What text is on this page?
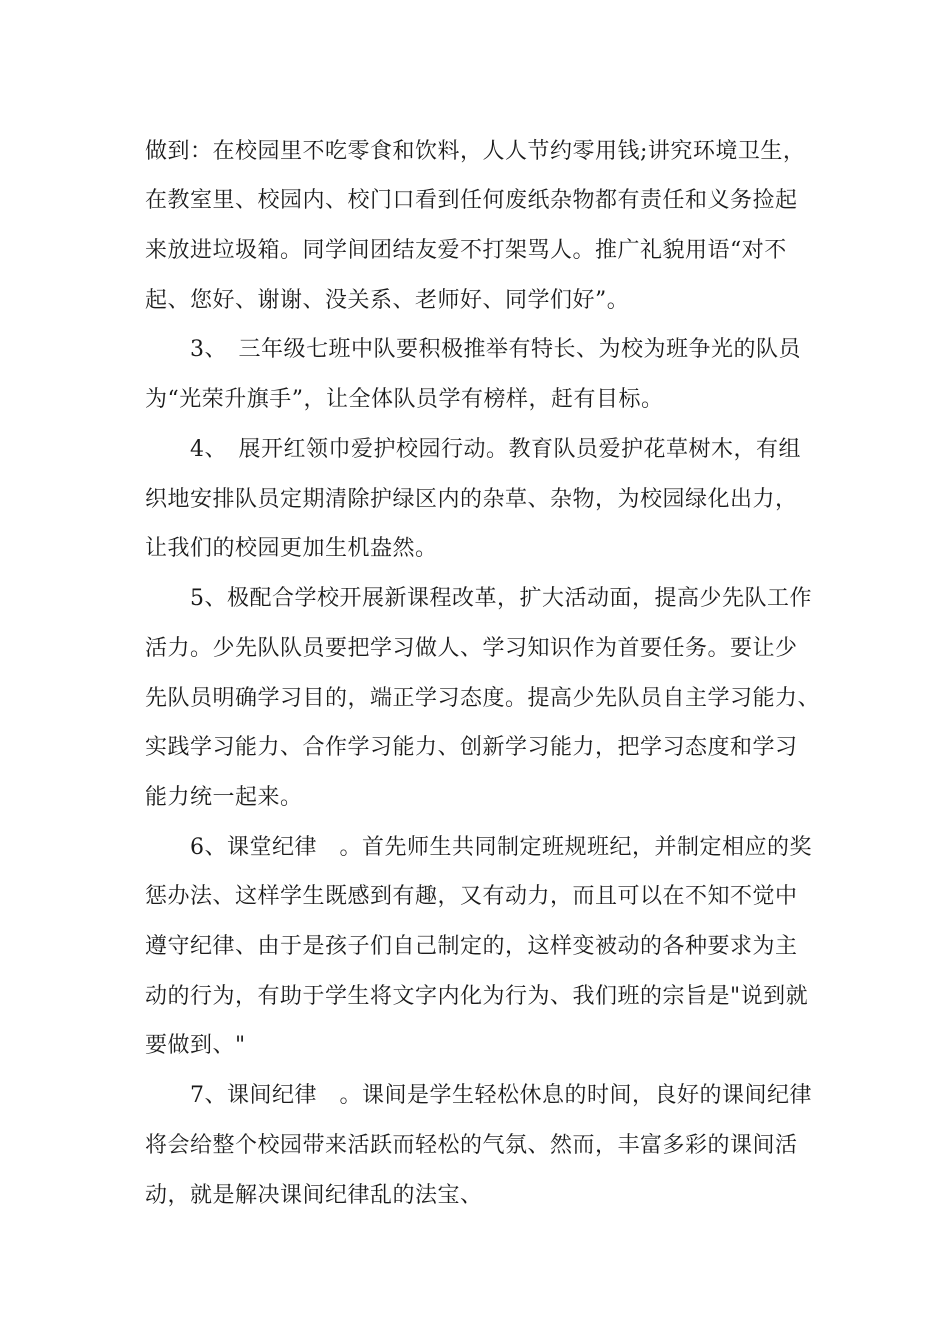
做到：在校园里不吃零食和饮料，人人节约零用钱;讲究环境卫生，

在教室里、校园内、校门口看到任何废纸杂物都有责任和义务捡起

来放进垃圾箱。同学间团结友爱不打架骂人。推广礼貌用语“对不

起、您好、谢谢、没关系、老师好、同学们好”。

3、　三年级七班中队要积极推举有特长、为校为班争光的队员

为“光荣升旗手”，让全体队员学有榜样，赶有目标。

4、　展开红领巾爱护校园行动。教育队员爱护花草树木，有组

织地安排队员定期清除护绿区内的杂草、杂物，为校园绿化出力，

让我们的校园更加生机盎然。

5、极配合学校开展新课程改革，扩大活动面，提高少先队工作

活力。少先队队员要把学习做人、学习知识作为首要任务。要让少

先队员明确学习目的，端正学习态度。提高少先队员自主学习能力、

实践学习能力、合作学习能力、创新学习能力，把学习态度和学习

能力统一起来。

6、课堂纪律　。首先师生共同制定班规班纪，并制定相应的奖

惩办法、这样学生既感到有趣，又有动力，而且可以在不知不觉中

遵守纪律、由于是孩子们自己制定的，这样变被动的各种要求为主

动的行为，有助于学生将文字内化为行为、我们班的宗旨是"说到就

要做到、"

7、课间纪律　。课间是学生轻松休息的时间，良好的课间纪律

将会给整个校园带来活跃而轻松的气氛、然而，丰富多彩的课间活

动，就是解决课间纪律乱的法宝、
